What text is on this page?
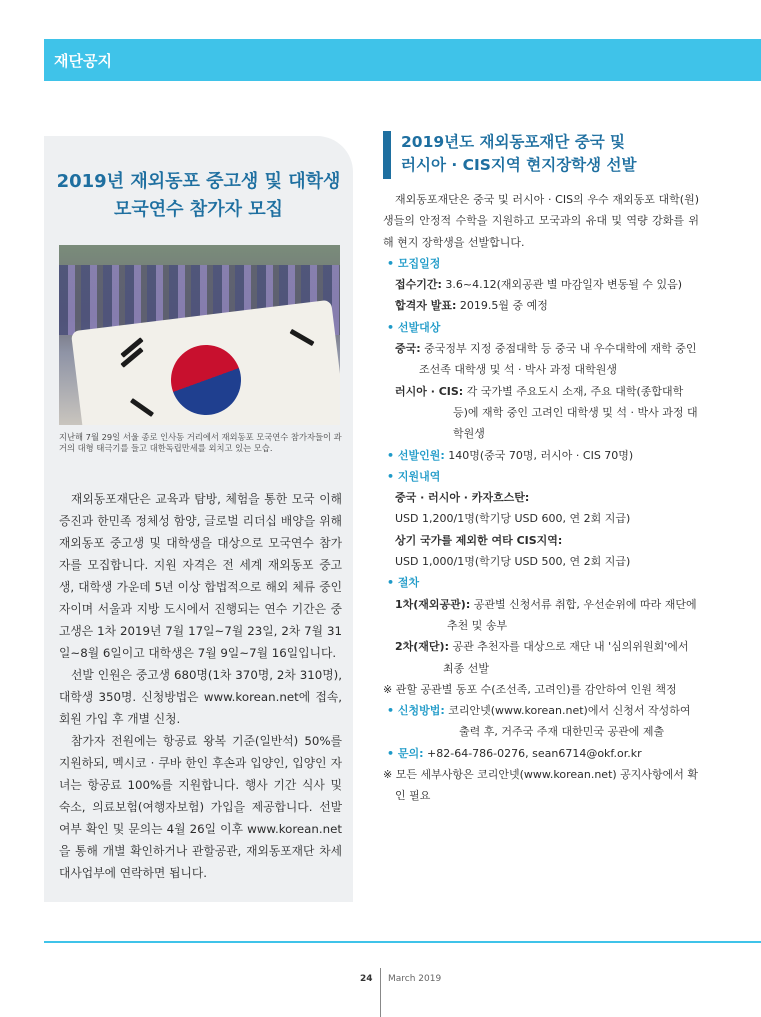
재단공지
2019년 재외동포 중고생 및 대학생
모국연수 참가자 모집
지난해 7월 29일 서울 종로 인사동 거리에서 재외동포 모국연수 참가자들이 과거의 대형 태극기를 들고 대한독립만세를 외치고 있는 모습.

재외동포재단은 교육과 탐방, 체험을 통한 모국 이해 증진과 한민족 정체성 함양, 글로벌 리더십 배양을 위해 재외동포 중고생 및 대학생을 대상으로 모국연수 참가자를 모집합니다. 지원 자격은 전 세계 재외동포 중고생, 대학생 가운데 5년 이상 합법적으로 해외 체류 중인 자이며 서울과 지방 도시에서 진행되는 연수 기간은 중고생은 1차 2019년 7월 17일~7월 23일, 2차 7월 31일~8월 6일이고 대학생은 7월 9일~7월 16일입니다.

선발 인원은 중고생 680명(1차 370명, 2차 310명), 대학생 350명. 신청방법은 www.korean.net에 접속, 회원 가입 후 개별 신청.

참가자 전원에는 항공료 왕복 기준(일반석) 50%를 지원하되, 멕시코 · 쿠바 한인 후손과 입양인, 입양인 자녀는 항공료 100%를 지원합니다. 행사 기간 식사 및 숙소, 의료보험(여행자보험) 가입을 제공합니다. 선발 여부 확인 및 문의는 4월 26일 이후 www.korean.net을 통해 개별 확인하거나 관할공관, 재외동포재단 차세대사업부에 연락하면 됩니다.

2019년도 재외동포재단 중국 및
러시아 · CIS지역 현지장학생 선발

재외동포재단은 중국 및 러시아 · CIS의 우수 재외동포 대학(원)생들의 안정적 수학을 지원하고 모국과의 유대 및 역량 강화를 위해 현지 장학생을 선발합니다.

• 모집일정

접수기간: 3.6~4.12(재외공관 별 마감일자 변동될 수 있음)

합격자 발표: 2019.5월 중 예정

• 선발대상

중국: 중국정부 지정 중점대학 등 중국 내 우수대학에 재학 중인 조선족 대학생 및 석 · 박사 과정 대학원생

러시아 · CIS: 각 국가별 주요도시 소재, 주요 대학(종합대학 등)에 재학 중인 고려인 대학생 및 석 · 박사 과정 대학원생

• 선발인원: 140명(중국 70명, 러시아 · CIS 70명)

• 지원내역

중국 · 러시아 · 카자흐스탄:

USD 1,200/1명(학기당 USD 600, 연 2회 지급)

상기 국가를 제외한 여타 CIS지역:

USD 1,000/1명(학기당 USD 500, 연 2회 지급)

• 절차

1차(재외공관): 공관별 신청서류 취합, 우선순위에 따라 재단에 추천 및 송부

2차(재단): 공관 추천자를 대상으로 재단 내 '심의위원회'에서 최종 선발

※ 관할 공관별 동포 수(조선족, 고려인)를 감안하여 인원 책정

• 신청방법: 코리안넷(www.korean.net)에서 신청서 작성하여 출력 후, 거주국 주재 대한민국 공관에 제출

• 문의: +82-64-786-0276, sean6714@okf.or.kr

※ 모든 세부사항은 코리안넷(www.korean.net) 공지사항에서 확인 필요

24 March 2019
